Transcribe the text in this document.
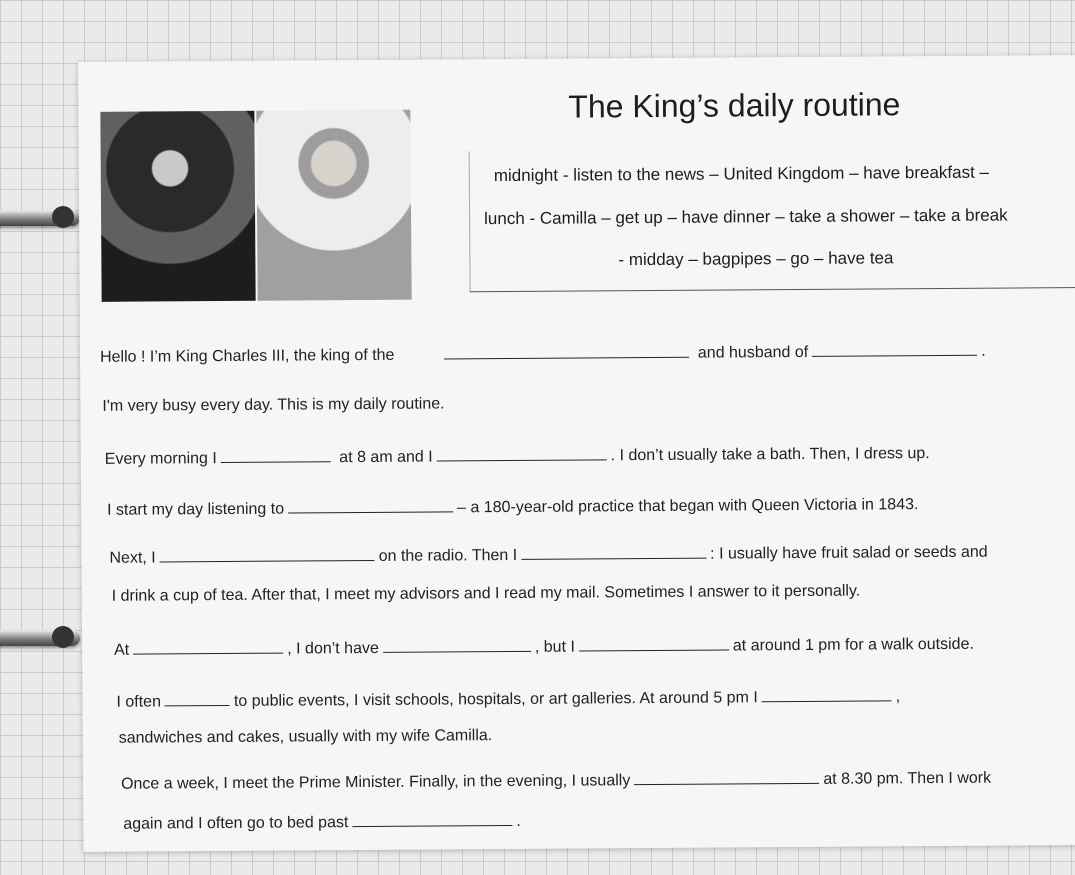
The King’s daily routine
midnight - listen to the news – United Kingdom – have breakfast –
lunch - Camilla – get up – have dinner – take a shower – take a break
- midday – bagpipes – go – have tea
Hello ! I’m King Charles III, the king of the	and husband of	.
I'm very busy every day. This is my daily routine.
Every morning I	at 8 am and I	. I don’t usually take a bath. Then, I dress up.
I start my day listening to	– a 180-year-old practice that began with Queen Victoria in 1843.
Next, I	on the radio. Then I	: I usually have fruit salad or seeds and
I drink a cup of tea. After that, I meet my advisors and I read my mail. Sometimes I answer to it personally.
At	, I don’t have	, but I	at around 1 pm for a walk outside.
I often	to public events, I visit schools, hospitals, or art galleries. At around 5 pm I	,
sandwiches and cakes, usually with my wife Camilla.
Once a week, I meet the Prime Minister. Finally, in the evening, I usually	at 8.30 pm. Then I work
again and I often go to bed past	.
